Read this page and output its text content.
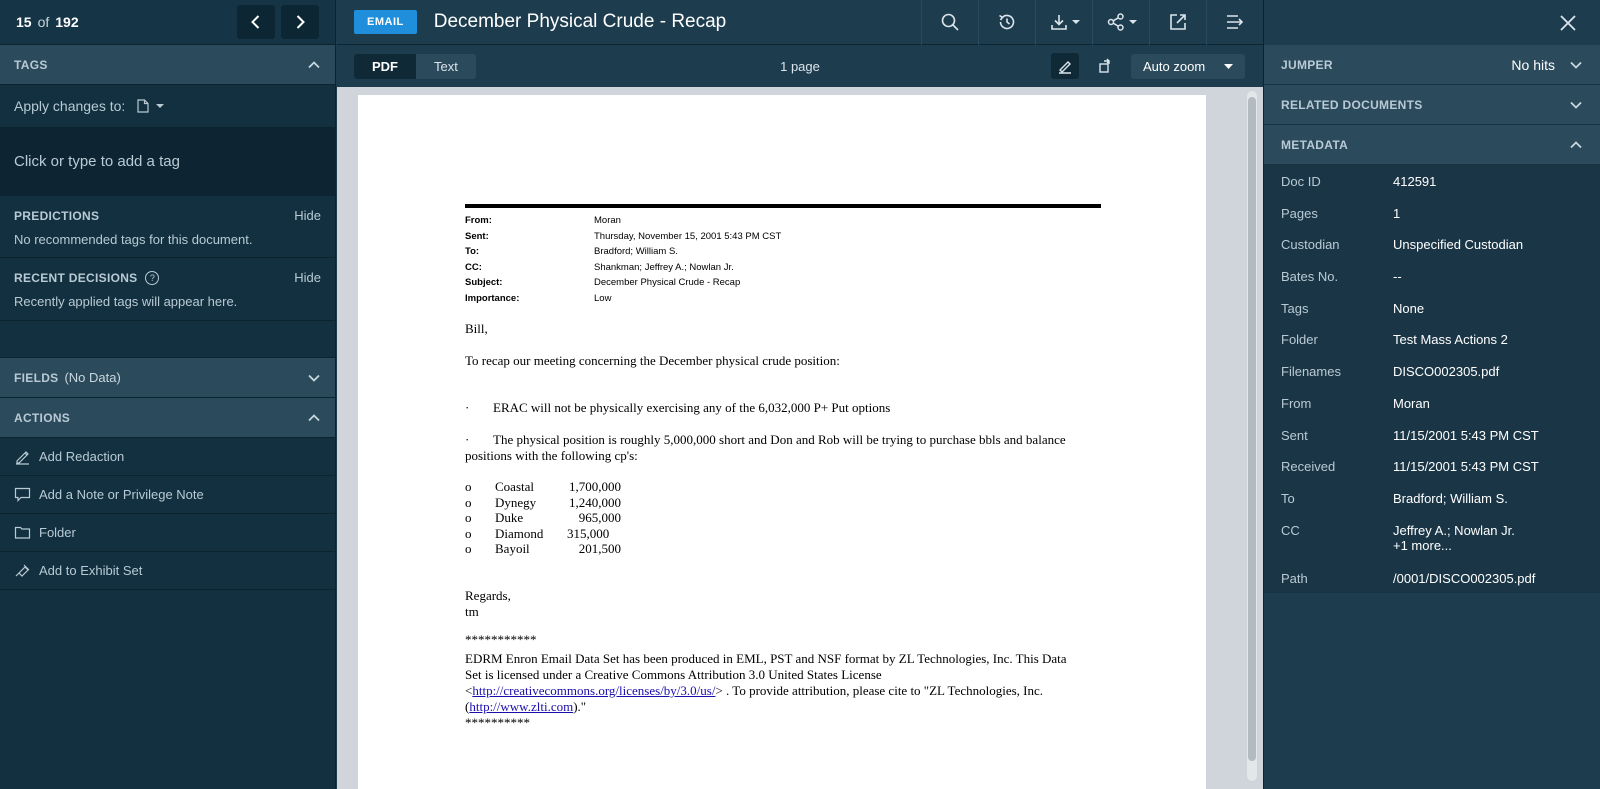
15 of 192
TAGS
Apply changes to:
Click or type to add a tag
PREDICTIONS	Hide
No recommended tags for this document.
RECENT DECISIONS	?	Hide
Recently applied tags will appear here.
FIELDS (No Data)
ACTIONS
Add Redaction
Add a Note or Privilege Note
Folder
Add to Exhibit Set
EMAIL	December Physical Crude - Recap
PDF	Text	1 page	Auto zoom
From:	Moran
Sent:	Thursday, November 15, 2001 5:43 PM CST
To:	Bradford; William S.
CC:	Shankman; Jeffrey A.; Nowlan Jr.
Subject:	December Physical Crude - Recap
Importance:	Low
Bill,
To recap our meeting concerning the December physical crude position:
·	ERAC will not be physically exercising any of the 6,032,000 P+ Put options
·	The physical position is roughly 5,000,000 short and Don and Rob will be trying to purchase bbls and balance
positions with the following cp's:
o	Coastal	1,700,000
o	Dynegy	1,240,000
o	Duke	965,000
o	Diamond	315,000
o	Bayoil	201,500
Regards,
tm
***********
EDRM Enron Email Data Set has been produced in EML, PST and NSF format by ZL Technologies, Inc. This Data
Set is licensed under a Creative Commons Attribution 3.0 United States License
<http://creativecommons.org/licenses/by/3.0/us/> . To provide attribution, please cite to "ZL Technologies, Inc.
(http://www.zlti.com)."
**********
JUMPER	No hits
RELATED DOCUMENTS
METADATA
Doc ID	412591
Pages	1
Custodian	Unspecified Custodian
Bates No.	--
Tags	None
Folder	Test Mass Actions 2
Filenames	DISCO002305.pdf
From	Moran
Sent	11/15/2001 5:43 PM CST
Received	11/15/2001 5:43 PM CST
To	Bradford; William S.
CC	Jeffrey A.; Nowlan Jr.
+1 more...
Path	/0001/DISCO002305.pdf
